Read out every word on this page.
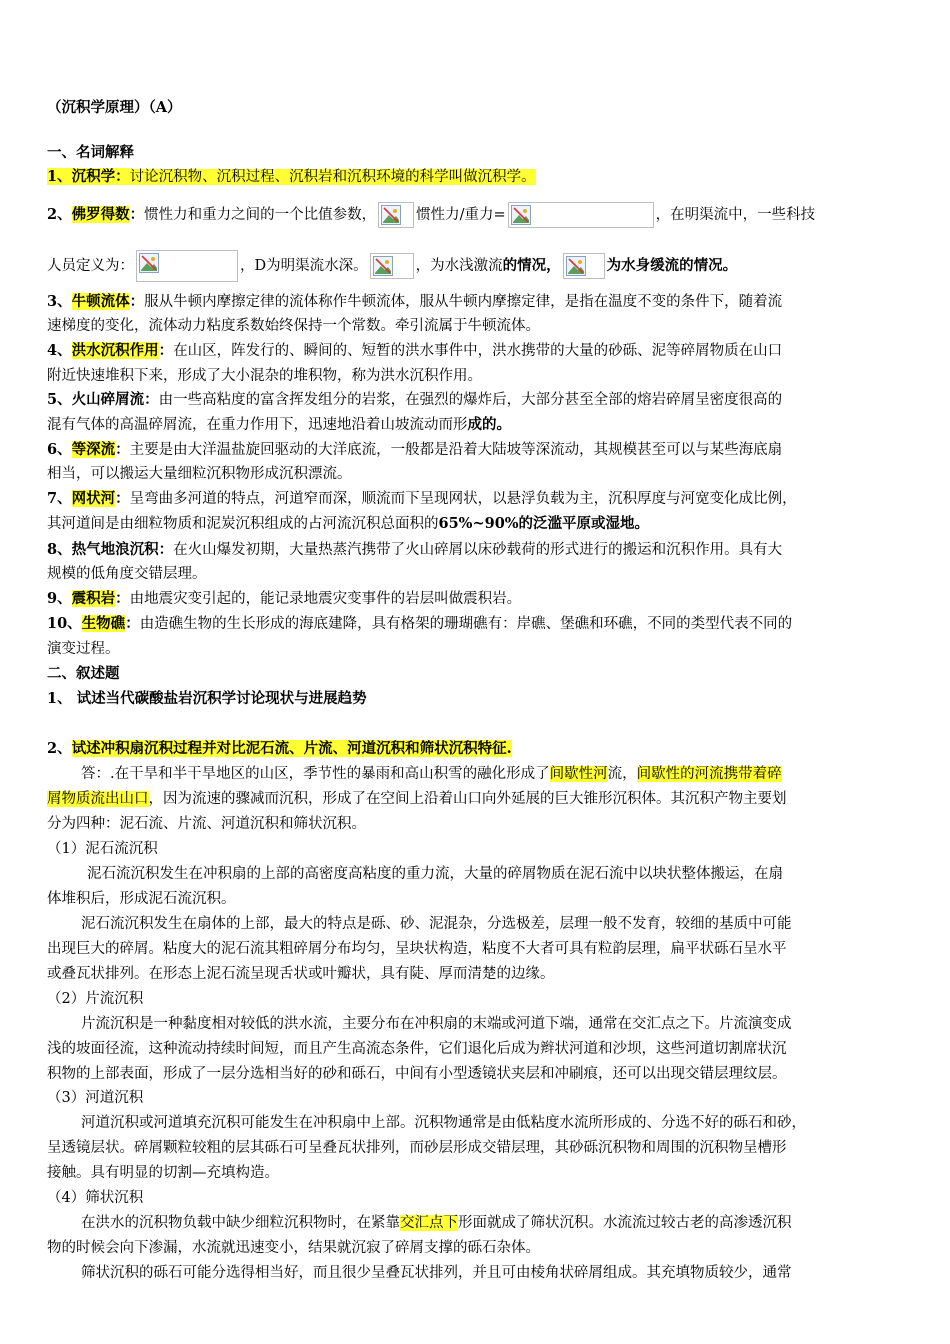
（沉积学原理）（A）
一、名词解释
1、沉积学：讨论沉积物、沉积过程、沉积岩和沉积环境的科学叫做沉积学。
2、佛罗得数：惯性力和重力之间的一个比值参数，	惯性力/重力=	，在明渠流中，一些科技
人员定义为：	，D为明渠流水深。	，为水浅激流的情况，	为水身缓流的情况。
3、牛顿流体：服从牛顿内摩擦定律的流体称作牛顿流体，服从牛顿内摩擦定律，是指在温度不变的条件下，随着流
速梯度的变化，流体动力粘度系数始终保持一个常数。牵引流属于牛顿流体。
4、洪水沉积作用：在山区，阵发行的、瞬间的、短暂的洪水事件中，洪水携带的大量的砂砾、泥等碎屑物质在山口
附近快速堆积下来，形成了大小混杂的堆积物，称为洪水沉积作用。
5、火山碎屑流：由一些高粘度的富含挥发组分的岩浆，在强烈的爆炸后，大部分甚至全部的熔岩碎屑呈密度很高的
混有气体的高温碎屑流，在重力作用下，迅速地沿着山坡流动而形成的。
6、等深流：主要是由大洋温盐旋回驱动的大洋底流，一般都是沿着大陆坡等深流动，其规模甚至可以与某些海底扇
相当，可以搬运大量细粒沉积物形成沉积漂流。
7、网状河：呈弯曲多河道的特点，河道窄而深，顺流而下呈现网状，以悬浮负载为主，沉积厚度与河宽变化成比例，
其河道间是由细粒物质和泥炭沉积组成的占河流沉积总面积的65%~90%的泛滥平原或湿地。
8、热气地浪沉积：在火山爆发初期，大量热蒸汽携带了火山碎屑以床砂载荷的形式进行的搬运和沉积作用。具有大
规模的低角度交错层理。
9、震积岩：由地震灾变引起的，能记录地震灾变事件的岩层叫做震积岩。
10、生物礁：由造礁生物的生长形成的海底建降，具有格架的珊瑚礁有：岸礁、堡礁和环礁，不同的类型代表不同的
演变过程。
二、叙述题
1、 试述当代碳酸盐岩沉积学讨论现状与进展趋势
2、试述冲积扇沉积过程并对比泥石流、片流、河道沉积和筛状沉积特征.
答：.在干旱和半干旱地区的山区，季节性的暴雨和高山积雪的融化形成了间歇性河流，间歇性的河流携带着碎
屑物质流出山口，因为流速的骤减而沉积，形成了在空间上沿着山口向外延展的巨大锥形沉积体。其沉积产物主要划
分为四种：泥石流、片流、河道沉积和筛状沉积。
（1）泥石流沉积
泥石流沉积发生在冲积扇的上部的高密度高粘度的重力流，大量的碎屑物质在泥石流中以块状整体搬运，在扇
体堆积后，形成泥石流沉积。
泥石流沉积发生在扇体的上部，最大的特点是砾、砂、泥混杂，分选极差，层理一般不发育，较细的基质中可能
出现巨大的碎屑。粘度大的泥石流其粗碎屑分布均匀，呈块状构造，粘度不大者可具有粒韵层理，扁平状砾石呈水平
或叠瓦状排列。在形态上泥石流呈现舌状或叶瓣状，具有陡、厚而清楚的边缘。
（2）片流沉积
片流沉积是一种黏度相对较低的洪水流，主要分布在冲积扇的末端或河道下端，通常在交汇点之下。片流演变成
浅的坡面径流，这种流动持续时间短，而且产生高流态条件，它们退化后成为辫状河道和沙坝，这些河道切割席状沉
积物的上部表面，形成了一层分选相当好的砂和砾石，中间有小型透镜状夹层和冲刷痕，还可以出现交错层理纹层。
（3）河道沉积
河道沉积或河道填充沉积可能发生在冲积扇中上部。沉积物通常是由低粘度水流所形成的、分选不好的砾石和砂，
呈透镜层状。碎屑颗粒较粗的层其砾石可呈叠瓦状排列，而砂层形成交错层理，其砂砾沉积物和周围的沉积物呈槽形
接触。具有明显的切割—充填构造。
（4）筛状沉积
在洪水的沉积物负载中缺少细粒沉积物时，在紧靠交汇点下形面就成了筛状沉积。水流流过较古老的高渗透沉积
物的时候会向下渗漏，水流就迅速变小，结果就沉寂了碎屑支撑的砾石杂体。
筛状沉积的砾石可能分选得相当好，而且很少呈叠瓦状排列，并且可由棱角状碎屑组成。其充填物质较少，通常
